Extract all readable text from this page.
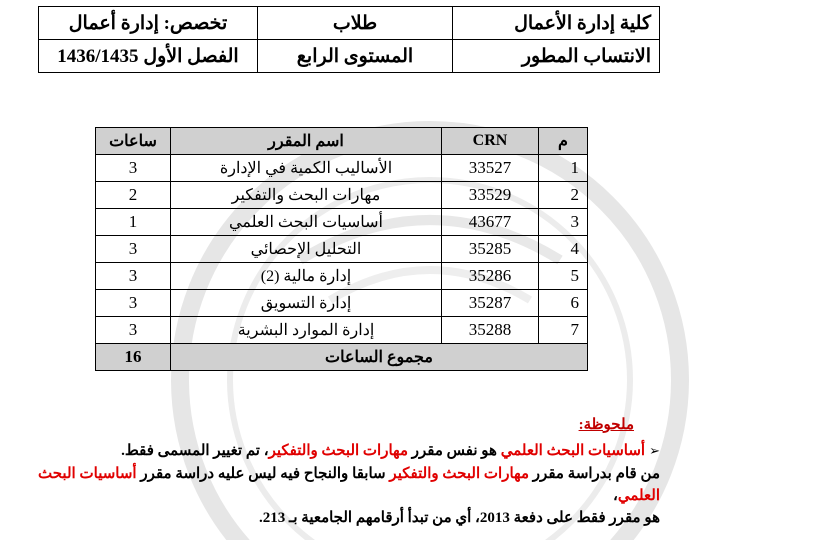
كلية إدارة الأعمال	طلاب	تخصص: إدارة أعمال
الانتساب المطور	المستوى الرابع	الفصل الأول 1436/1435
م	CRN	اسم المقرر	ساعات
1	33527	الأساليب الكمية في الإدارة	3
2	33529	مهارات البحث والتفكير	2
3	43677	أساسيات البحث العلمي	1
4	35285	التحليل الإحصائي	3
5	35286	إدارة مالية (2)	3
6	35287	إدارة التسويق	3
7	35288	إدارة الموارد البشرية	3
مجموع الساعات			16
ملحوظة:

➢أساسيات البحث العلمي هو نفس مقرر مهارات البحث والتفكير، تم تغيير المسمى فقط.

من قام بدراسة مقرر مهارات البحث والتفكير سابقا والنجاح فيه ليس عليه دراسة مقرر أساسيات البحث العلمي،

هو مقرر فقط على دفعة 2013، أي من تبدأ أرقامهم الجامعية بـ 213.
